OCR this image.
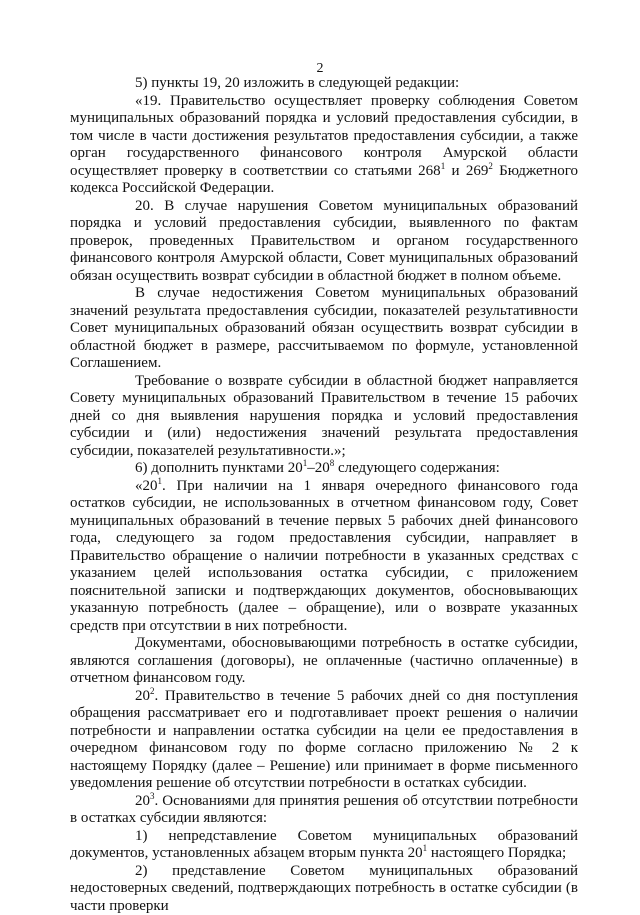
2

5) пункты 19, 20 изложить в следующей редакции:

«19. Правительство осуществляет проверку соблюдения Советом муниципальных образований порядка и условий предоставления субсидии, в том числе в части достижения результатов предоставления субсидии, а также орган государственного финансового контроля Амурской области осуществляет проверку в соответствии со статьями $268^1$ и $269^2$ Бюджетного кодекса Российской Федерации.

20. В случае нарушения Советом муниципальных образований порядка и условий предоставления субсидии, выявленного по фактам проверок, проведенных Правительством и органом государственного финансового контроля Амурской области, Совет муниципальных образований обязан осуществить возврат субсидии в областной бюджет в полном объеме.

В случае недостижения Советом муниципальных образований значений результата предоставления субсидии, показателей результативности Совет муниципальных образований обязан осуществить возврат субсидии в областной бюджет в размере, рассчитываемом по формуле, установленной Соглашением.

Требование о возврате субсидии в областной бюджет направляется Совету муниципальных образований Правительством в течение 15 рабочих дней со дня выявления нарушения порядка и условий предоставления субсидии и (или) недостижения значений результата предоставления субсидии, показателей результативности.»;

6) дополнить пунктами $20^1-20^8$ следующего содержания:

«$20^1$. При наличии на 1 января очередного финансового года остатков субсидии, не использованных в отчетном финансовом году, Совет муниципальных образований в течение первых 5 рабочих дней финансового года, следующего за годом предоставления субсидии, направляет в Правительство обращение о наличии потребности в указанных средствах с указанием целей использования остатка субсидии, с приложением пояснительной записки и подтверждающих документов, обосновывающих указанную потребность (далее – обращение), или о возврате указанных средств при отсутствии в них потребности.

Документами, обосновывающими потребность в остатке субсидии, являются соглашения (договоры), не оплаченные (частично оплаченные) в отчетном финансовом году.

$20^2$. Правительство в течение 5 рабочих дней со дня поступления обращения рассматривает его и подготавливает проект решения о наличии потребности и направлении остатка субсидии на цели ее предоставления в очередном финансовом году по форме согласно приложению № 2 к настоящему Порядку (далее – Решение) или принимает в форме письменного уведомления решение об отсутствии потребности в остатках субсидии.

$20^3$. Основаниями для принятия решения об отсутствии потребности в остатках субсидии являются:

1) непредставление Советом муниципальных образований документов, установленных абзацем вторым пункта $20^1$ настоящего Порядка;

2) представление Советом муниципальных образований недостоверных сведений, подтверждающих потребность в остатке субсидии (в части проверки
